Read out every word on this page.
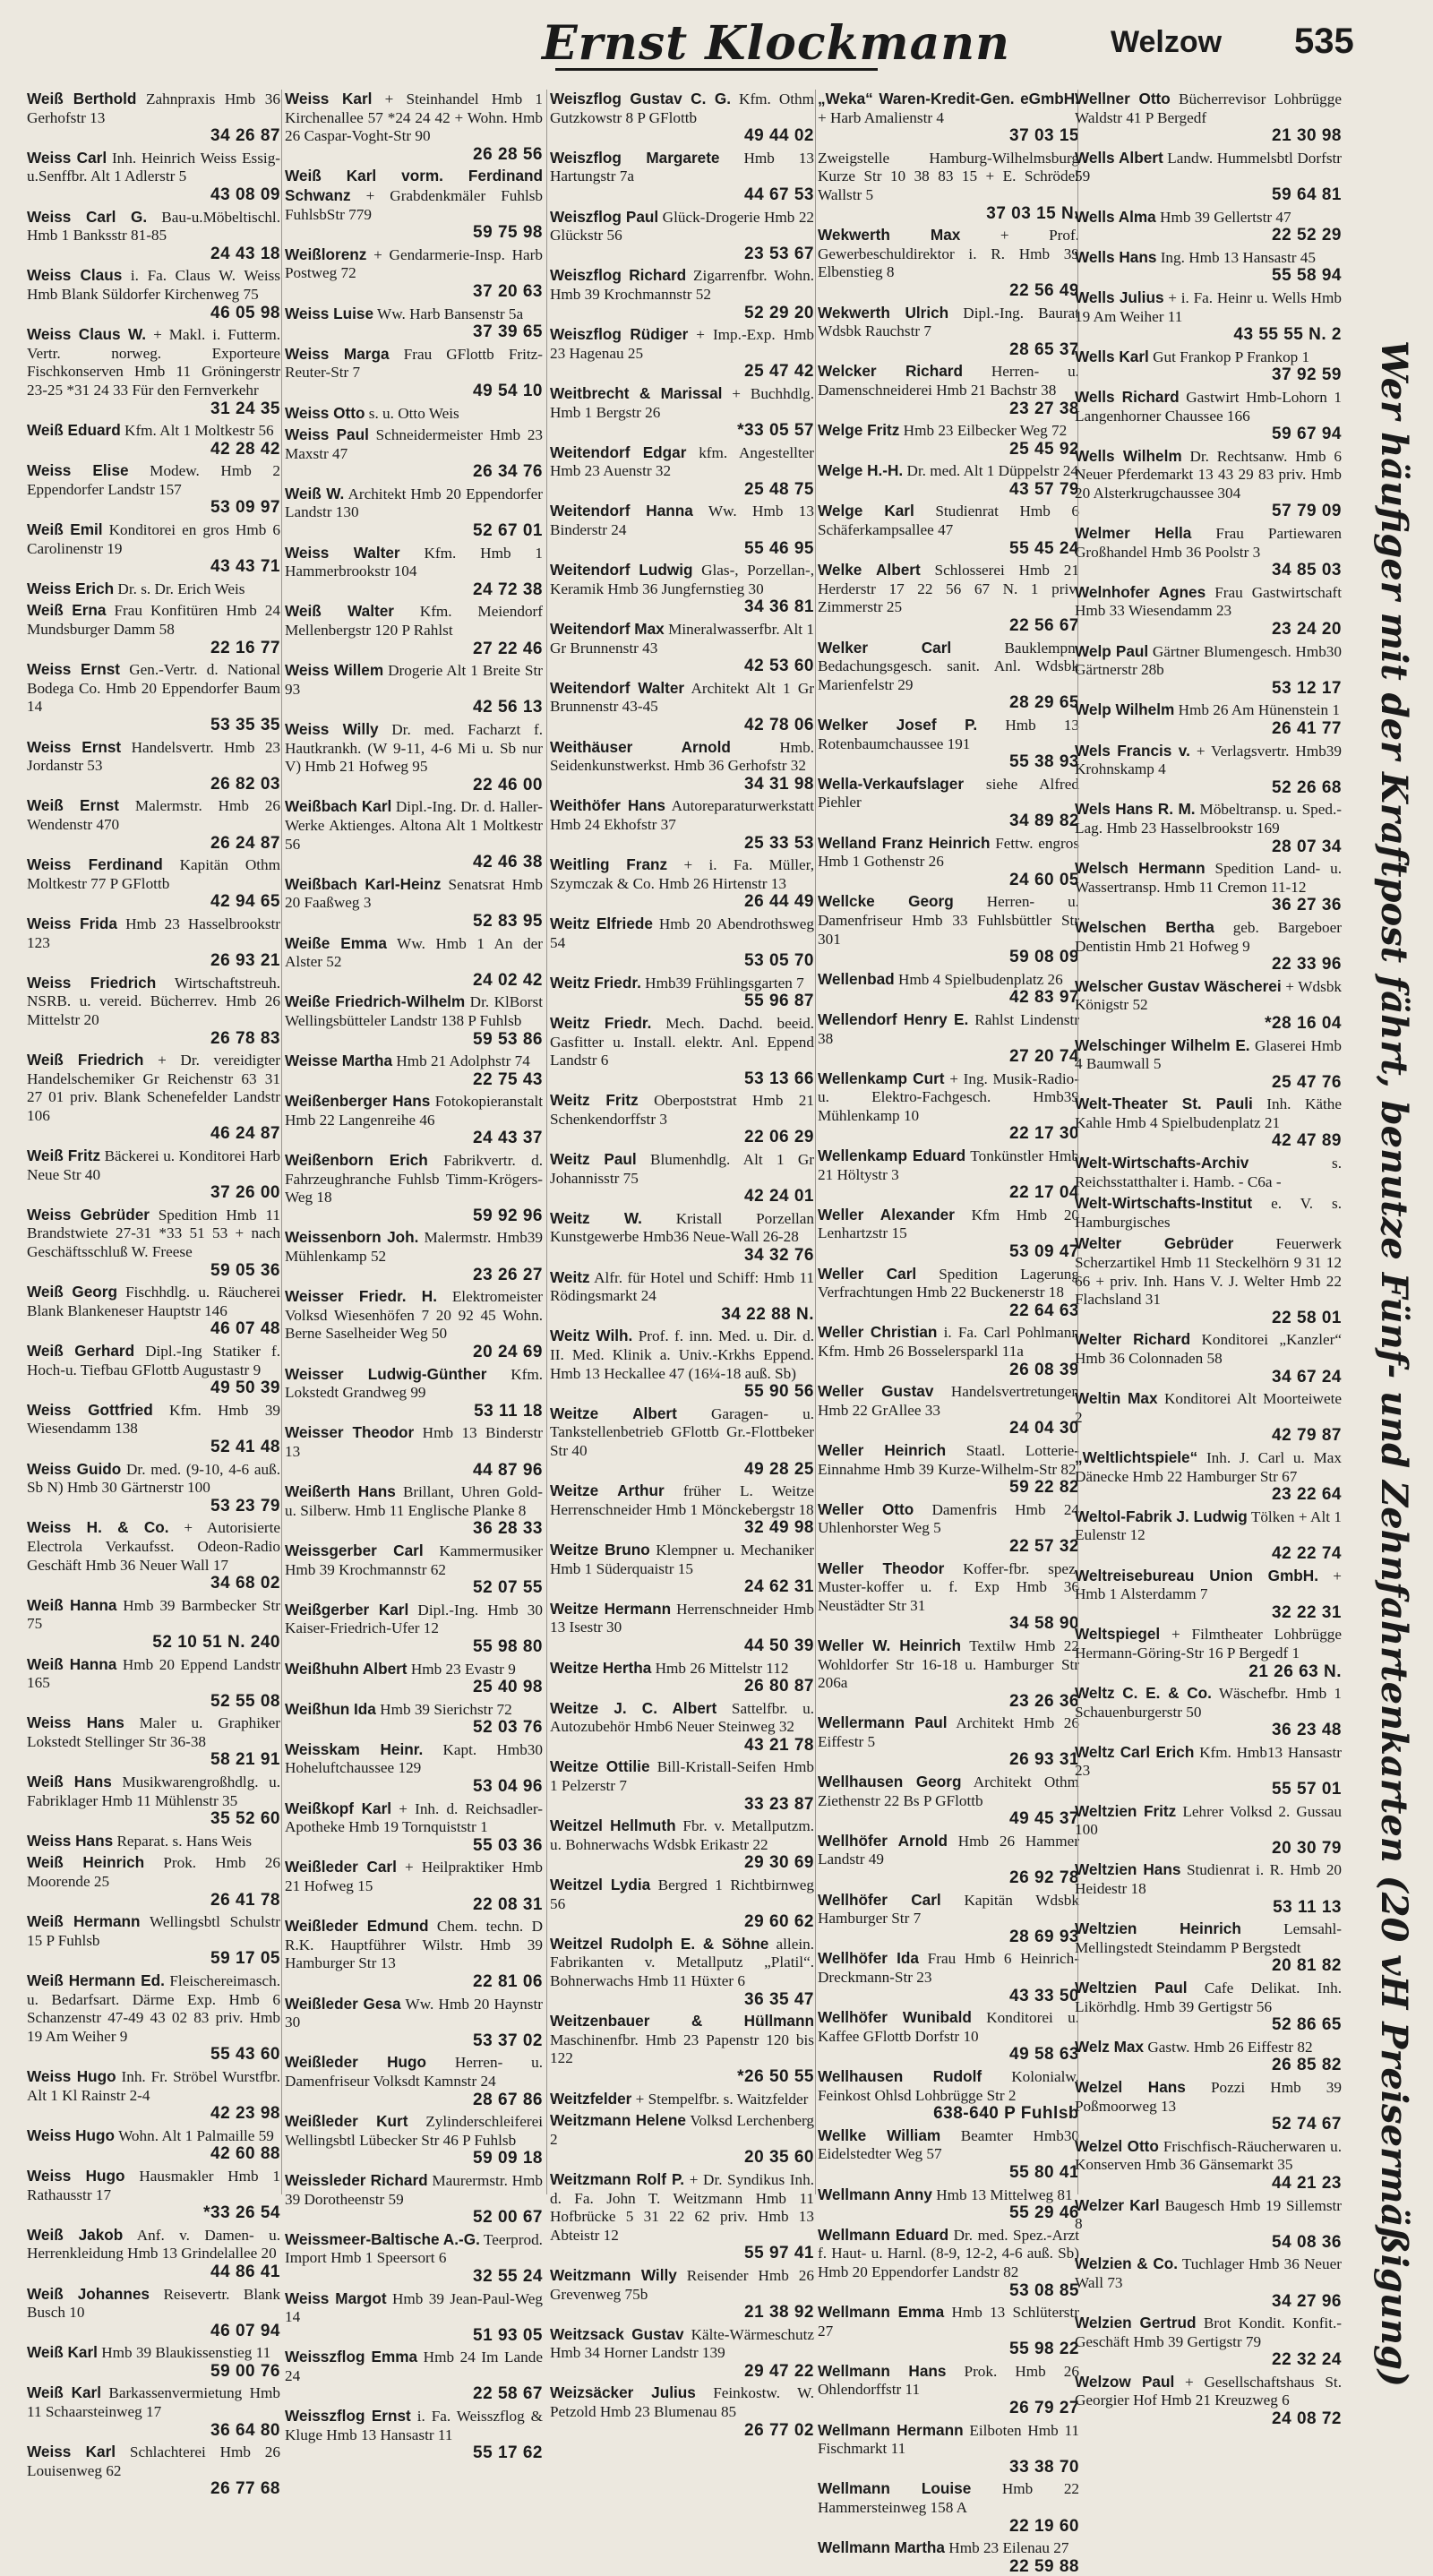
Ernst Klockmann	Welzow 535
Weiß Berthold Zahnpraxis Hmb 36 Gerhofstr 13
34 26 87
Weiss Carl Inh. Heinrich Weiss Essig-u.Senffbr. Alt 1 Adlerstr 5
43 08 09
Weiss Carl G. Bau-u.Möbeltischl. Hmb 1 Banksstr 81-85
24 43 18
Weiss Claus i. Fa. Claus W. Weiss Hmb Blank Süldorfer Kirchenweg 75
46 05 98
Weiss Claus W. + Makl. i. Futterm. Vertr. norweg. Exporteure Fischkonserven Hmb 11 Gröningerstr 23-25 *31 24 33 Für den Fernverkehr
31 24 35
Weiß Eduard Kfm. Alt 1 Moltkestr 56
42 28 42
Weiss Elise Modew. Hmb 2 Eppendorfer Landstr 157
53 09 97
Weiß Emil Konditorei en gros Hmb 6 Carolinenstr 19
43 43 71
Weiss Erich Dr. s. Dr. Erich Weis
Weiß Erna Frau Konfitüren Hmb 24 Mundsburger Damm 58
22 16 77
Weiss Ernst Gen.-Vertr. d. National Bodega Co. Hmb 20 Eppendorfer Baum 14
53 35 35
Weiss Ernst Handelsvertr. Hmb 23 Jordanstr 53
26 82 03
Weiß Ernst Malermstr. Hmb 26 Wendenstr 470
26 24 87
Weiss Ferdinand Kapitän Othm Moltkestr 77 P GFlottb
42 94 65
Weiss Frida Hmb 23 Hasselbrookstr 123
26 93 21
Weiss Friedrich Wirtschaftstreuh. NSRB. u. vereid. Bücherrev. Hmb 26 Mittelstr 20
26 78 83
Weiß Friedrich + Dr. vereidigter Handelschemiker Gr Reichenstr 63 31 27 01 priv. Blank Schenefelder Landstr 106
46 24 87
Weiß Fritz Bäckerei u. Konditorei Harb Neue Str 40
37 26 00
Weiss Gebrüder Spedition Hmb 11 Brandstwiete 27-31 *33 51 53 + nach Geschäftsschluß W. Freese
59 05 36
Weiß Georg Fischhdlg. u. Räucherei Blank Blankeneser Hauptstr 146
46 07 48
Weiß Gerhard Dipl.-Ing Statiker f. Hoch-u. Tiefbau GFlottb Augustastr 9
49 50 39
Weiss Gottfried Kfm. Hmb 39 Wiesendamm 138
52 41 48
Weiss Guido Dr. med. (9-10, 4-6 auß. Sb N) Hmb 30 Gärtnerstr 100
53 23 79
Weiss H. & Co. + Autorisierte Electrola Verkaufsst. Odeon-Radio Geschäft Hmb 36 Neuer Wall 17
34 68 02
Weiß Hanna Hmb 39 Barmbecker Str 75
52 10 51 N. 240
Weiß Hanna Hmb 20 Eppend Landstr 165
52 55 08
Weiss Hans Maler u. Graphiker Lokstedt Stellinger Str 36-38
58 21 91
Weiß Hans Musikwarengroßhdlg. u. Fabriklager Hmb 11 Mühlenstr 35
35 52 60
Weiss Hans Reparat. s. Hans Weis
Weiß Heinrich Prok. Hmb 26 Moorende 25
26 41 78
Weiß Hermann Wellingsbtl Schulstr 15 P Fuhlsb
59 17 05
Weiß Hermann Ed. Fleischereimasch. u. Bedarfsart. Därme Exp. Hmb 6 Schanzenstr 47-49 43 02 83 priv. Hmb 19 Am Weiher 9
55 43 60
Weiss Hugo Inh. Fr. Ströbel Wurstfbr. Alt 1 Kl Rainstr 2-4
42 23 98
Weiss Hugo Wohn. Alt 1 Palmaille 59
42 60 88
Weiss Hugo Hausmakler Hmb 1 Rathausstr 17
*33 26 54
Weiß Jakob Anf. v. Damen- u. Herrenkleidung Hmb 13 Grindelallee 20
44 86 41
Weiß Johannes Reisevertr. Blank Busch 10
46 07 94
Weiß Karl Hmb 39 Blaukissenstieg 11
59 00 76
Weiß Karl Barkassenvermietung Hmb 11 Schaarsteinweg 17
36 64 80
Weiss Karl Schlachterei Hmb 26 Louisenweg 62
26 77 68
Weiss Karl + Steinhandel Hmb 1 Kirchenallee 57 *24 24 42 + Wohn. Hmb 26 Caspar-Voght-Str 90
26 28 56
Weiß Karl vorm. Ferdinand Schwanz + Grabdenkmäler Fuhlsb FuhlsbStr 779
59 75 98
Weißlorenz + Gendarmerie-Insp. Harb Postweg 72
37 20 63
Weiss Luise Ww. Harb Bansenstr 5a
37 39 65
Weiss Marga Frau GFlottb Fritz-Reuter-Str 7
49 54 10
Weiss Otto s. u. Otto Weis
Weiss Paul Schneidermeister Hmb 23 Maxstr 47
26 34 76
Weiß W. Architekt Hmb 20 Eppendorfer Landstr 130
52 67 01
Weiss Walter Kfm. Hmb 1 Hammerbrookstr 104
24 72 38
Weiß Walter Kfm. Meiendorf Mellenbergstr 120 P Rahlst
27 22 46
Weiss Willem Drogerie Alt 1 Breite Str 93
42 56 13
Weiss Willy Dr. med. Facharzt f. Hautkrankh. (W 9-11, 4-6 Mi u. Sb nur V) Hmb 21 Hofweg 95
22 46 00
Weißbach Karl Dipl.-Ing. Dr. d. Haller-Werke Aktienges. Altona Alt 1 Moltkestr 56
42 46 38
Weißbach Karl-Heinz Senatsrat Hmb 20 Faaßweg 3
52 83 95
Weiße Emma Ww. Hmb 1 An der Alster 52
24 02 42
Weiße Friedrich-Wilhelm Dr. KlBorst Wellingsbütteler Landstr 138 P Fuhlsb
59 53 86
Weisse Martha Hmb 21 Adolphstr 74
22 75 43
Weißenberger Hans Fotokopieranstalt Hmb 22 Langenreihe 46
24 43 37
Weißenborn Erich Fabrikvertr. d. Fahrzeughranche Fuhlsb Timm-Krögers-Weg 18
59 92 96
Weissenborn Joh. Malermstr. Hmb39 Mühlenkamp 52
23 26 27
Weisser Friedr. H. Elektromeister Volksd Wiesenhöfen 7 20 92 45 Wohn. Berne Saselheider Weg 50
20 24 69
Weisser Ludwig-Günther Kfm. Lokstedt Grandweg 99
53 11 18
Weisser Theodor Hmb 13 Binderstr 13
44 87 96
Weißerth Hans Brillant, Uhren Gold- u. Silberw. Hmb 11 Englische Planke 8
36 28 33
Weissgerber Carl Kammermusiker Hmb 39 Krochmannstr 62
52 07 55
Weißgerber Karl Dipl.-Ing. Hmb 30 Kaiser-Friedrich-Ufer 12
55 98 80
Weißhuhn Albert Hmb 23 Evastr 9
25 40 98
Weißhun Ida Hmb 39 Sierichstr 72
52 03 76
Weisskam Heinr. Kapt. Hmb30 Hoheluftchaussee 129
53 04 96
Weißkopf Karl + Inh. d. Reichsadler-Apotheke Hmb 19 Tornquiststr 1
55 03 36
Weißleder Carl + Heilpraktiker Hmb 21 Hofweg 15
22 08 31
Weißleder Edmund Chem. techn. D R.K. Hauptführer Wilstr. Hmb 39 Hamburger Str 13
22 81 06
Weißleder Gesa Ww. Hmb 20 Haynstr 30
53 37 02
Weißleder Hugo Herren- u. Damenfriseur Volksdt Kamnstr 24
28 67 86
Weißleder Kurt Zylinderschleiferei Wellingsbtl Lübecker Str 46 P Fuhlsb
59 09 18
Weissleder Richard Maurermstr. Hmb 39 Dorotheenstr 59
52 00 67
Weissmeer-Baltische A.-G. Teerprod. Import Hmb 1 Speersort 6
32 55 24
Weiss Margot Hmb 39 Jean-Paul-Weg 14
51 93 05
Weisszflog Emma Hmb 24 Im Lande 24
22 58 67
Weisszflog Ernst i. Fa. Weisszflog & Kluge Hmb 13 Hansastr 11
55 17 62
Weiszflog Gustav C. G. Kfm. Othm Gutzkowstr 8 P GFlottb
49 44 02
Weiszflog Margarete Hmb 13 Hartungstr 7a
44 67 53
Weiszflog Paul Glück-Drogerie Hmb 22 Glückstr 56
23 53 67
Weiszflog Richard Zigarrenfbr. Wohn. Hmb 39 Krochmannstr 52
52 29 20
Weiszflog Rüdiger + Imp.-Exp. Hmb 23 Hagenau 25
25 47 42
Weitbrecht & Marissal + Buchhdlg. Hmb 1 Bergstr 26
*33 05 57
Weitendorf Edgar kfm. Angestellter Hmb 23 Auenstr 32
25 48 75
Weitendorf Hanna Ww. Hmb 13 Binderstr 24
55 46 95
Weitendorf Ludwig Glas-, Porzellan-, Keramik Hmb 36 Jungfernstieg 30
34 36 81
Weitendorf Max Mineralwasserfbr. Alt 1 Gr Brunnenstr 43
42 53 60
Weitendorf Walter Architekt Alt 1 Gr Brunnenstr 43-45
42 78 06
Weithäuser Arnold	Hmb. Seidenkunstwerkst. Hmb 36 Gerhofstr 32
34 31 98
Weithöfer Hans Autoreparaturwerkstatt Hmb 24 Ekhofstr 37
25 33 53
Weitling Franz + i. Fa. Müller, Szymczak & Co. Hmb 26 Hirtenstr 13
26 44 49
Weitz Elfriede Hmb 20 Abendrothsweg 54
53 05 70
Weitz Friedr. Hmb39 Frühlingsgarten 7
55 96 87
Weitz Friedr. Mech. Dachd. beeid. Gasfitter u. Install. elektr. Anl. Eppend Landstr 6
53 13 66
Weitz Fritz Oberpoststrat Hmb 21 Schenkendorffstr 3
22 06 29
Weitz Paul Blumenhdlg. Alt 1 Gr Johannisstr 75
42 24 01
Weitz W. Kristall Porzellan Kunstgewerbe Hmb36 Neue-Wall 26-28
34 32 76
Weitz Alfr. für Hotel und Schiff: Hmb 11 Rödingsmarkt 24
34 22 88 N.
Weitz Wilh. Prof. f. inn. Med. u. Dir. d. II. Med. Klinik a. Univ.-Krkhs Eppend. Hmb 13 Heckallee 47 (16¼-18 auß. Sb)
55 90 56
Weitze Albert Garagen- u. Tankstellenbetrieb GFlottb Gr.-Flottbeker Str 40
49 28 25
Weitze Arthur früher L. Weitze Herrenschneider Hmb 1 Mönckebergstr 18
32 49 98
Weitze Bruno Klempner u. Mechaniker Hmb 1 Süderquaistr 15
24 62 31
Weitze Hermann Herrenschneider Hmb 13 Isestr 30
44 50 39
Weitze Hertha Hmb 26 Mittelstr 112
26 80 87
Weitze J. C. Albert Sattelfbr. u. Autozubehör Hmb6 Neuer Steinweg 32
43 21 78
Weitze Ottilie Bill-Kristall-Seifen Hmb 1 Pelzerstr 7
33 23 87
Weitzel Hellmuth Fbr. v. Metallputzm. u. Bohnerwachs Wdsbk Erikastr 22
29 30 69
Weitzel Lydia Bergred 1 Richtbirnweg 56
29 60 62
Weitzel Rudolph E. & Söhne allein. Fabrikanten v. Metallputz „Platil“. Bohnerwachs Hmb 11 Hüxter 6
36 35 47
Weitzenbauer & Hüllmann Maschinenfbr. Hmb 23 Papenstr 120 bis 122
*26 50 55
Weitzfelder + Stempelfbr. s. Waitzfelder
Weitzmann Helene Volksd Lerchenberg 2
20 35 60
Weitzmann Rolf P. + Dr. Syndikus Inh. d. Fa. John T. Weitzmann Hmb 11 Hofbrücke 5 31 22 62 priv. Hmb 13 Abteistr 12
55 97 41
Weitzmann Willy Reisender Hmb 26 Grevenweg 75b
21 38 92
Weitzsack Gustav Kälte-Wärmeschutz Hmb 34 Horner Landstr 139
29 47 22
Weizsäcker Julius Feinkostw. W. Petzold Hmb 23 Blumenau 85
26 77 02
„Weka“ Waren-Kredit-Gen. eGmbH. + Harb Amalienstr 4
37 03 15
Zweigstelle Hamburg-Wilhelmsburg Kurze Str 10 38 83 15 + E. Schrödel Wallstr 5
37 03 15 N.
Wekwerth Max	+ Prof. Gewerbeschuldirektor i. R. Hmb 39 Elbenstieg 8
22 56 49
Wekwerth Ulrich Dipl.-Ing. Baurat Wdsbk Rauchstr 7
28 65 37
Welcker Richard Herren- u. Damenschneiderei Hmb 21 Bachstr 38
23 27 38
Welge Fritz Hmb 23 Eilbecker Weg 72
25 45 92
Welge H.-H. Dr. med. Alt 1 Düppelstr 24
43 57 79
Welge Karl Studienrat Hmb 6 Schäferkampsallee 47
55 45 24
Welke Albert Schlosserei Hmb 21 Herderstr 17 22 56 67 N. 1 priv. Zimmerstr 25
22 56 67
Welker Carl	Bauklempn. Bedachungsgesch. sanit. Anl. Wdsbk Marienfelstr 29
28 29 65
Welker Josef P. Hmb 13 Rotenbaumchaussee 191
55 38 93
Wella-Verkaufslager siehe Alfred Piehler
34 89 82
Welland Franz Heinrich Fettw. engros Hmb 1 Gothenstr 26
24 60 05
Wellcke Georg Herren- u. Damenfriseur Hmb 33 Fuhlsbüttler Str 301
59 08 09
Wellenbad Hmb 4 Spielbudenplatz 26
42 83 97
Wellendorf Henry E. Rahlst Lindenstr 38
27 20 74
Wellenkamp Curt + Ing. Musik-Radio- u. Elektro-Fachgesch. Hmb39 Mühlenkamp 10
22 17 30
Wellenkamp Eduard Tonkünstler Hmb 21 Höltystr 3
22 17 04
Weller Alexander Kfm Hmb 20 Lenhartzstr 15
53 09 47
Weller Carl Spedition Lagerung Verfrachtungen Hmb 22 Buckenerstr 18
22 64 63
Weller Christian i. Fa. Carl Pohlmann Kfm. Hmb 26 Bosselersparkl 11a
26 08 39
Weller Gustav Handelsvertretungen Hmb 22 GrAllee 33
24 04 30
Weller Heinrich Staatl. Lotterie-Einnahme Hmb 39 Kurze-Wilhelm-Str 82
59 22 82
Weller Otto Damenfris Hmb 24 Uhlenhorster Weg 5
22 57 32
Weller Theodor Koffer-fbr. spez. Muster-koffer u. f. Exp Hmb 36 Neustädter Str 31
34 58 90
Weller W. Heinrich Textilw Hmb 22 Wohldorfer Str 16-18 u. Hamburger Str 206a
23 26 36
Wellermann Paul Architekt Hmb 26 Eiffestr 5
26 93 31
Wellhausen Georg Architekt Othm Ziethenstr 22 Bs P GFlottb
49 45 37
Wellhöfer Arnold Hmb 26 Hammer Landstr 49
26 92 78
Wellhöfer Carl Kapitän Wdsbk Hamburger Str 7
28 69 93
Wellhöfer Ida Frau Hmb 6 Heinrich-Dreckmann-Str 23
43 33 50
Wellhöfer Wunibald Konditorei u. Kaffee GFlottb Dorfstr 10
49 58 63
Wellhausen Rudolf Kolonialw. Feinkost Ohlsd Lohbrügge Str 2
638-640 P Fuhlsb
Wellke William Beamter Hmb30 Eidelstedter Weg 57
55 80 41
Wellmann Anny Hmb 13 Mittelweg 81
55 29 46
Wellmann Eduard Dr. med. Spez.-Arzt f. Haut- u. Harnl. (8-9, 12-2, 4-6 auß. Sb) Hmb 20 Eppendorfer Landstr 82
53 08 85
Wellmann Emma Hmb 13 Schlüterstr 27
55 98 22
Wellmann Hans Prok. Hmb 26 Ohlendorffstr 11
26 79 27
Wellmann Hermann Eilboten Hmb 11 Fischmarkt 11
33 38 70
Wellmann Louise Hmb 22 Hammersteinweg 158 A
22 19 60
Wellmann Martha Hmb 23 Eilenau 27
22 59 88
Wellner Otto Bücherrevisor Lohbrügge Waldstr 41 P Bergedf
21 30 98
Wells Albert Landw. Hummelsbtl Dorfstr 59
59 64 81
Wells Alma Hmb 39 Gellertstr 47
22 52 29
Wells Hans Ing. Hmb 13 Hansastr 45
55 58 94
Wells Julius + i. Fa. Heinr u. Wells Hmb 19 Am Weiher 11
43 55 55 N. 2
Wells Karl Gut Frankop P Frankop 1
37 92 59
Wells Richard Gastwirt Hmb-Lohorn 1 Langenhorner Chaussee 166
59 67 94
Wells Wilhelm Dr. Rechtsanw. Hmb 6 Neuer Pferdemarkt 13 43 29 83 priv. Hmb 20 Alsterkrugchaussee 304
57 79 09
Welmer Hella Frau Partiewaren Großhandel Hmb 36 Poolstr 3
34 85 03
Welnhofer Agnes Frau Gastwirtschaft Hmb 33 Wiesendamm 23
23 24 20
Welp Paul Gärtner Blumengesch. Hmb30 Gärtnerstr 28b
53 12 17
Welp Wilhelm Hmb 26 Am Hünenstein 1
26 41 77
Wels Francis v. + Verlagsvertr. Hmb39 Krohnskamp 4
52 26 68
Wels Hans R. M. Möbeltransp. u. Sped.-Lag. Hmb 23 Hasselbrookstr 169
28 07 34
Welsch Hermann Spedition Land- u. Wassertransp. Hmb 11 Cremon 11-12
36 27 36
Welschen Bertha geb. Bargeboer Dentistin Hmb 21 Hofweg 9
22 33 96
Welscher Gustav Wäscherei + Wdsbk Königstr 52
*28 16 04
Welschinger Wilhelm E. Glaserei Hmb 4 Baumwall 5
25 47 76
Welt-Theater St. Pauli Inh. Käthe Kahle Hmb 4 Spielbudenplatz 21
42 47 89
Welt-Wirtschafts-Archiv	s. Reichsstatthalter i. Hamb. - C6a -
Welt-Wirtschafts-Institut e. V. s. Hamburgisches
Welter Gebrüder	Feuerwerk Scherzartikel Hmb 11 Steckelhörn 9 31 12 66 + priv. Inh. Hans V. J. Welter Hmb 22 Flachsland 31
22 58 01
Welter Richard Konditorei „Kanzler“ Hmb 36 Colonnaden 58
34 67 24
Weltin Max Konditorei Alt Moorteiwete 2
42 79 87
„Weltlichtspiele“ Inh. J. Carl u. Max Dänecke Hmb 22 Hamburger Str 67
23 22 64
Weltol-Fabrik J. Ludwig Tölken + Alt 1 Eulenstr 12
42 22 74
Weltreisebureau Union GmbH. + Hmb 1 Alsterdamm 7
32 22 31
Weltspiegel + Filmtheater Lohbrügge Hermann-Göring-Str 16 P Bergedf 1
21 26 63 N.
Weltz C. E. & Co. Wäschefbr. Hmb 1 Schauenburgerstr 50
36 23 48
Weltz Carl Erich Kfm. Hmb13 Hansastr 23
55 57 01
Weltzien Fritz Lehrer Volksd 2. Gussau 100
20 30 79
Weltzien Hans Studienrat i. R. Hmb 20 Heidestr 18
53 11 13
Weltzien Heinrich	Lemsahl-Mellingstedt Steindamm P Bergstedt
20 81 82
Weltzien Paul Cafe Delikat. Inh. Likörhdlg. Hmb 39 Gertigstr 56
52 86 65
Welz Max Gastw. Hmb 26 Eiffestr 82
26 85 82
Welzel Hans Pozzi Hmb 39 Poßmoorweg 13
52 74 67
Welzel Otto Frischfisch-Räucherwaren u. Konserven Hmb 36 Gänsemarkt 35
44 21 23
Welzer Karl Baugesch Hmb 19 Sillemstr 8
54 08 36
Welzien & Co. Tuchlager Hmb 36 Neuer Wall 73
34 27 96
Welzien Gertrud Brot Kondit. Konfit.-Geschäft Hmb 39 Gertigstr 79
22 32 24
Welzow Paul + Gesellschaftshaus St. Georgier Hof Hmb 21 Kreuzweg 6
24 08 72
Wer häufiger mit der Kraftpost fährt, benutze Fünf- und Zehnfahrtenkarten (20 vH Preisermäßigung)
